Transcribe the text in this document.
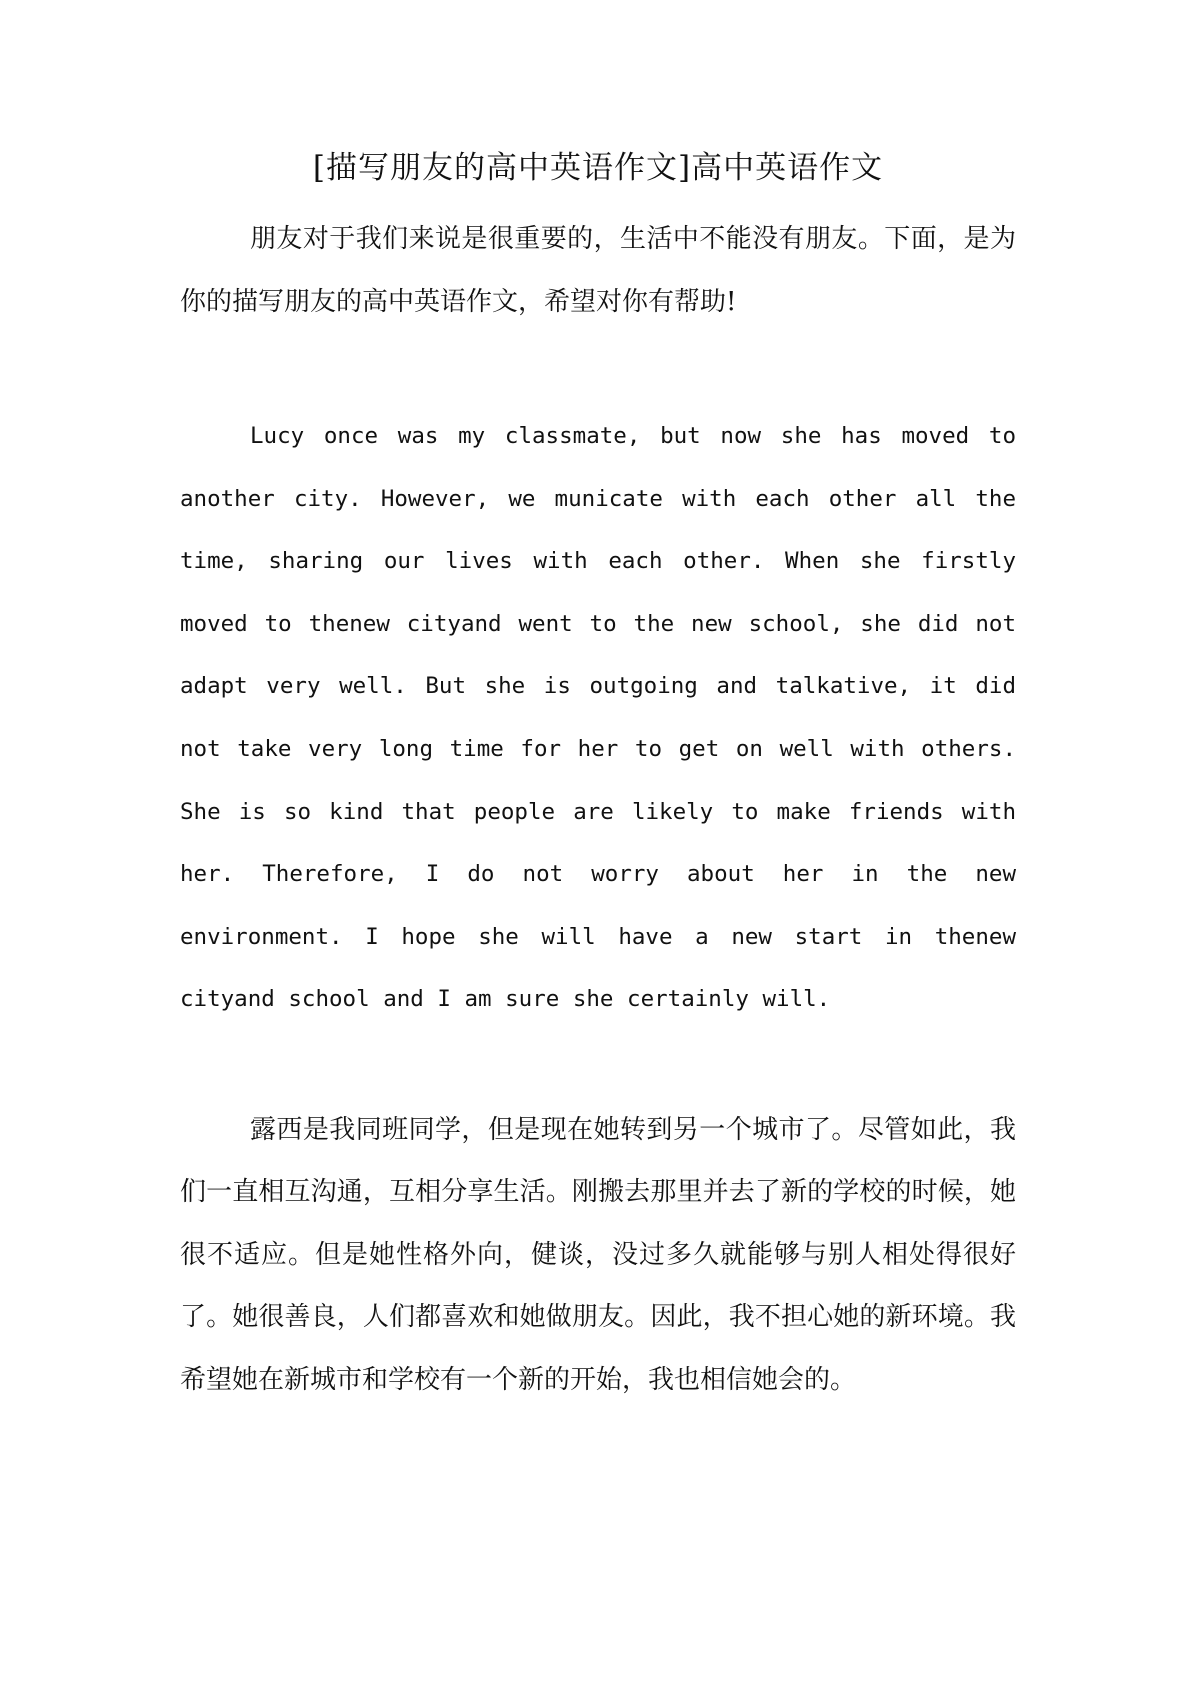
[描写朋友的高中英语作文]高中英语作文

朋友对于我们来说是很重要的，生活中不能没有朋友。下面，是为你的描写朋友的高中英语作文，希望对你有帮助!

Lucy once was my classmate, but now she has moved to another city. However, we municate with each other all the time, sharing our lives with each other. When she firstly moved to thenew cityand went to the new school, she did not adapt very well. But she is outgoing and talkative, it did not take very long time for her to get on well with others. She is so kind that people are likely to make friends with her. Therefore, I do not worry about her in the new environment. I hope she will have a new start in thenew cityand school and I am sure she certainly will.

露西是我同班同学，但是现在她转到另一个城市了。尽管如此，我们一直相互沟通，互相分享生活。刚搬去那里并去了新的学校的时候，她很不适应。但是她性格外向，健谈，没过多久就能够与别人相处得很好了。她很善良，人们都喜欢和她做朋友。因此，我不担心她的新环境。我希望她在新城市和学校有一个新的开始，我也相信她会的。
